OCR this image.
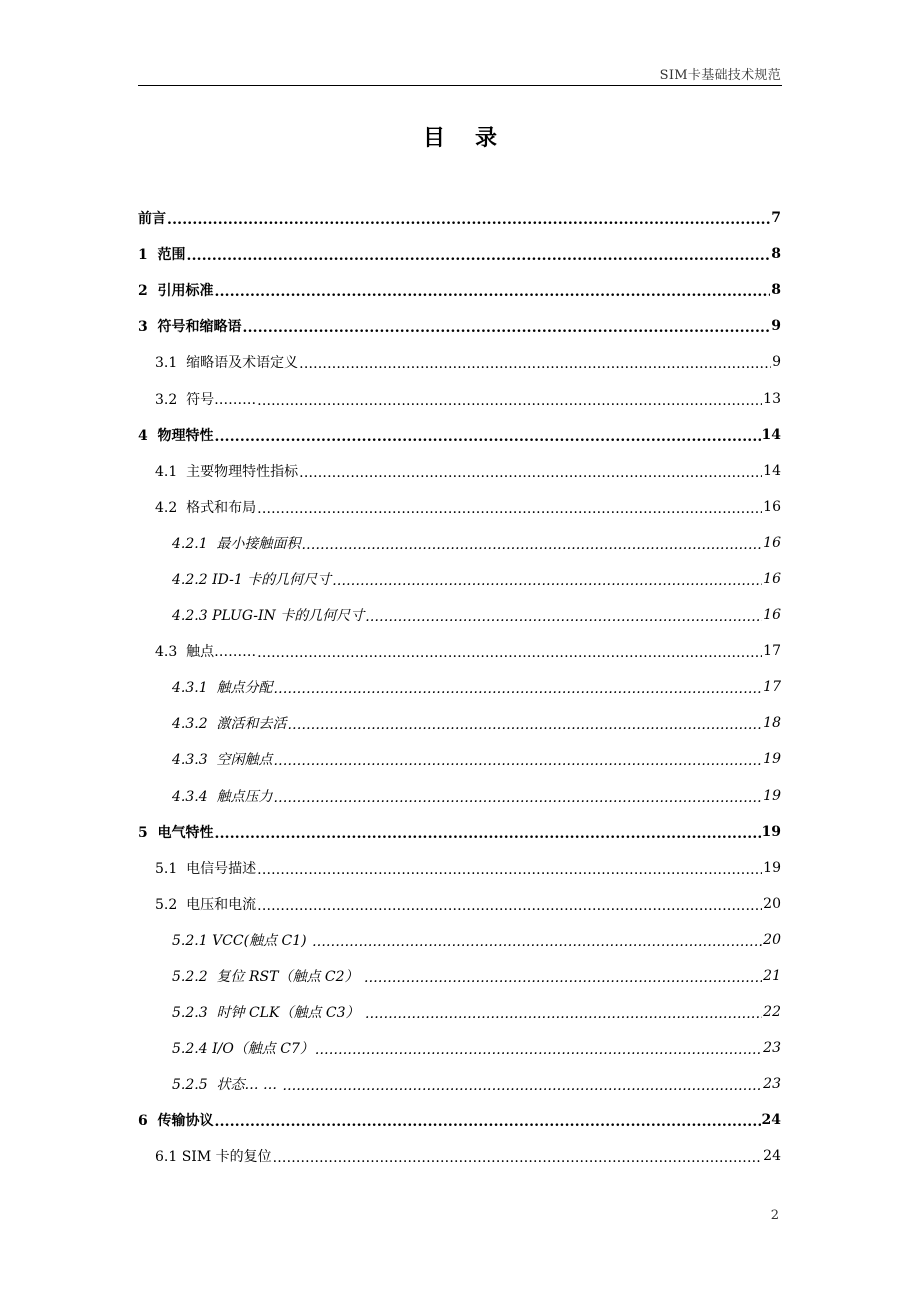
SIM卡基础技术规范
目录
前言 .....	7
1  范围 .....	8
2  引用标准 .....	8
3  符号和缩略语 .....	9
3.1  缩略语及术语定义 .....	9
3.2  符号……… .....	13
4  物理特性 .....	14
4.1  主要物理特性指标 .....	14
4.2  格式和布局 .....	16
4.2.1  最小接触面积 .....	16
4.2.2 ID-1 卡的几何尺寸 .....	16
4.2.3 PLUG-IN 卡的几何尺寸 .....	16
4.3  触点……… .....	17
4.3.1  触点分配 .....	17
4.3.2  激活和去活 .....	18
4.3.3  空闲触点 .....	19
4.3.4  触点压力 .....	19
5  电气特性 .....	19
5.1  电信号描述 .....	19
5.2  电压和电流 .....	20
5.2.1 VCC(触点 C1) .....	20
5.2.2  复位 RST（触点 C2） .....	21
5.2.3  时钟 CLK（触点 C3） .....	22
5.2.4 I/O（触点 C7） .....	23
5.2.5  状态… … .....	23
6  传输协议 .....	24
6.1 SIM 卡的复位 .....	24
2
